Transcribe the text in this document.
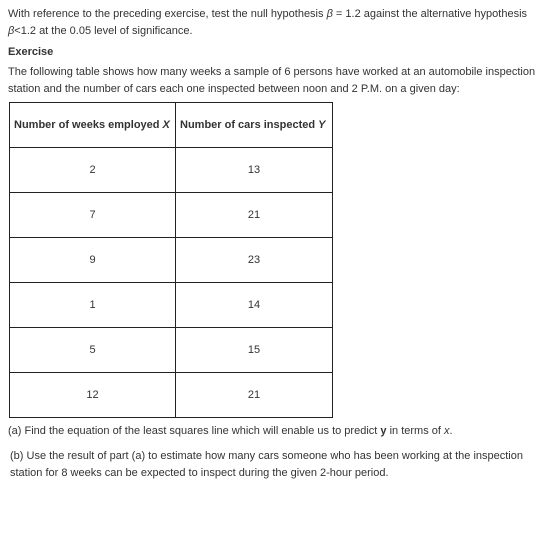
With reference to the preceding exercise, test the null hypothesis β = 1.2 against the alternative hypothesis β<1.2 at the 0.05 level of significance.

Exercise

The following table shows how many weeks a sample of 6 persons have worked at an automobile inspection station and the number of cars each one inspected between noon and 2 P.M. on a given day:

Number of weeks employed X	Number of cars inspected Y
2	13
7	21
9	23
1	14
5	15
12	21

(a) Find the equation of the least squares line which will enable us to predict y in terms of x.

(b) Use the result of part (a) to estimate how many cars someone who has been working at the inspection station for 8 weeks can be expected to inspect during the given 2-hour period.
